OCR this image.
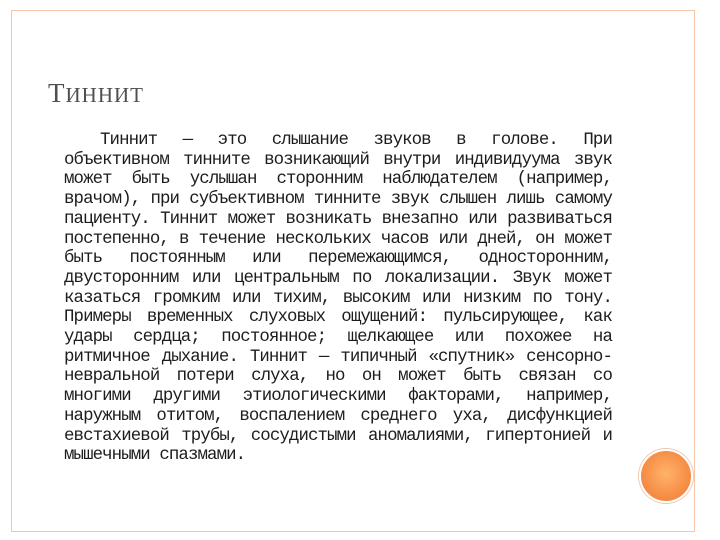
ТИННИТ
Тиннит — это слышание звуков в голове. При объективном тинните возникающий внутри индивидуума звук может быть услышан сторонним наблюдателем (например, врачом), при субъективном тинните звук слышен лишь самому пациенту. Тиннит может возникать внезапно или развиваться постепенно, в течение нескольких часов или дней, он может быть постоянным или перемежающимся, односторонним, двусторонним или центральным по локализации. Звук может казаться громким или тихим, высоким или низким по тону. Примеры временных слуховых ощущений: пульсирующее, как удары сердца; постоянное; щелкающее или похожее на ритмичное дыхание. Тиннит — типичный «спутник» сенсорно-невральной потери слуха, но он может быть связан со многими другими этиологическими факторами, например, наружным отитом, воспалением среднего уха, дисфункцией евстахиевой трубы, сосудистыми аномалиями, гипертонией и мышечными спазмами.
